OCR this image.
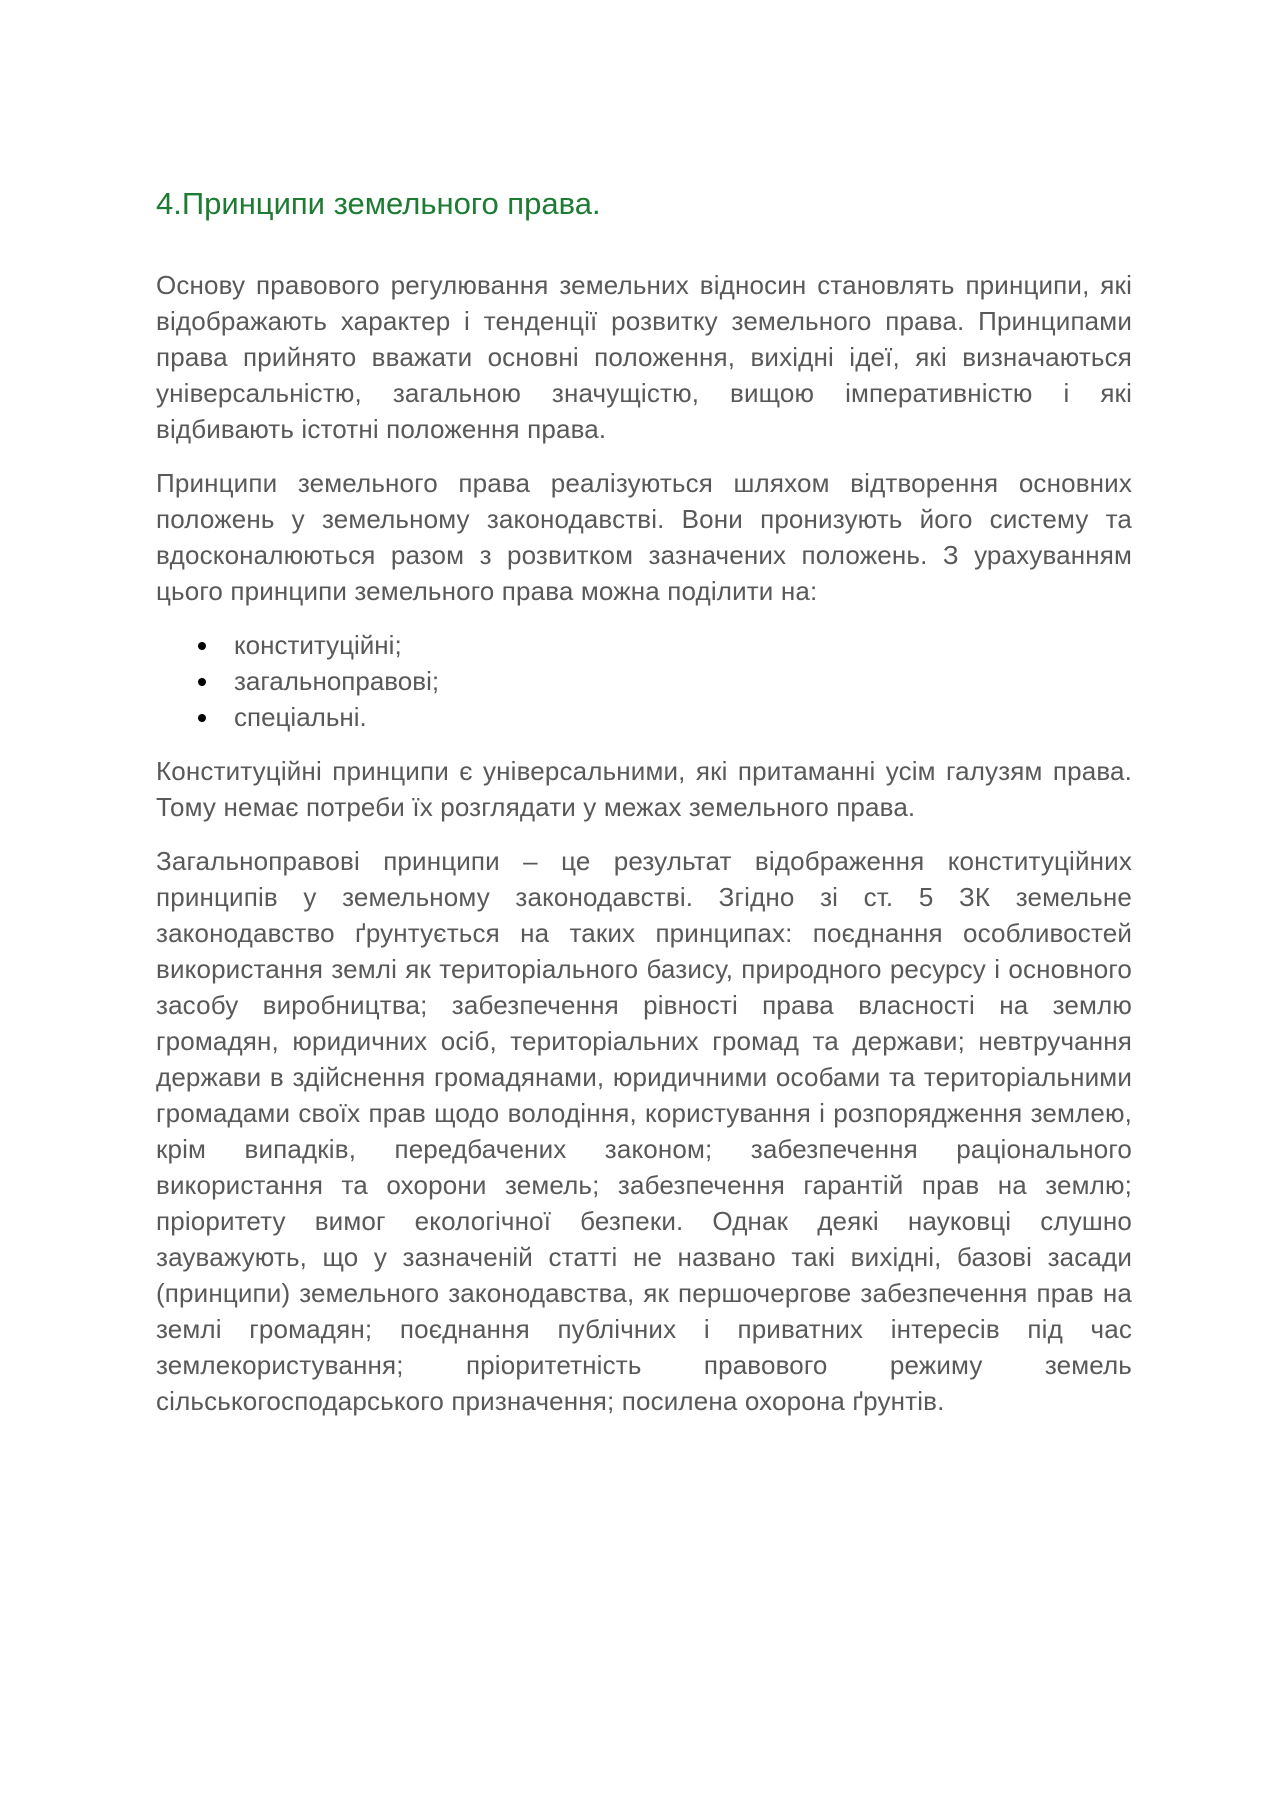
4.Принципи земельного права.

Основу правового регулювання земельних відносин становлять принципи, які відображають характер і тенденції розвитку земельного права. Принципами права прийнято вважати основні положення, вихідні ідеї, які визначаються універсальністю, загальною значущістю, вищою імперативністю і які відбивають істотні положення права.

Принципи земельного права реалізуються шляхом відтворення основних положень у земельному законодавстві. Вони пронизують його систему та вдосконалюються разом з розвитком зазначених положень. З урахуванням цього принципи земельного права можна поділити на:

конституційні;
загальноправові;
спеціальні.

Конституційні принципи є універсальними, які притаманні усім галузям права. Тому немає потреби їх розглядати у межах земельного права.

Загальноправові принципи – це результат відображення конституційних принципів у земельному законодавстві. Згідно зі ст. 5 ЗК земельне законодавство ґрунтується на таких принципах: поєднання особливостей використання землі як територіального базису, природного ресурсу і основного засобу виробництва; забезпечення рівності права власності на землю громадян, юридичних осіб, територіальних громад та держави; невтручання держави в здійснення громадянами, юридичними особами та територіальними громадами своїх прав щодо володіння, користування і розпорядження землею, крім випадків, передбачених законом; забезпечення раціонального використання та охорони земель; забезпечення гарантій прав на землю; пріоритету вимог екологічної безпеки. Однак деякі науковці слушно зауважують, що у зазначеній статті не названо такі вихідні, базові засади (принципи) земельного законодавства, як першочергове забезпечення прав на землі громадян; поєднання публічних і приватних інтересів під час землекористування; пріоритетність правового режиму земель сільськогосподарського призначення; посилена охорона ґрунтів.
